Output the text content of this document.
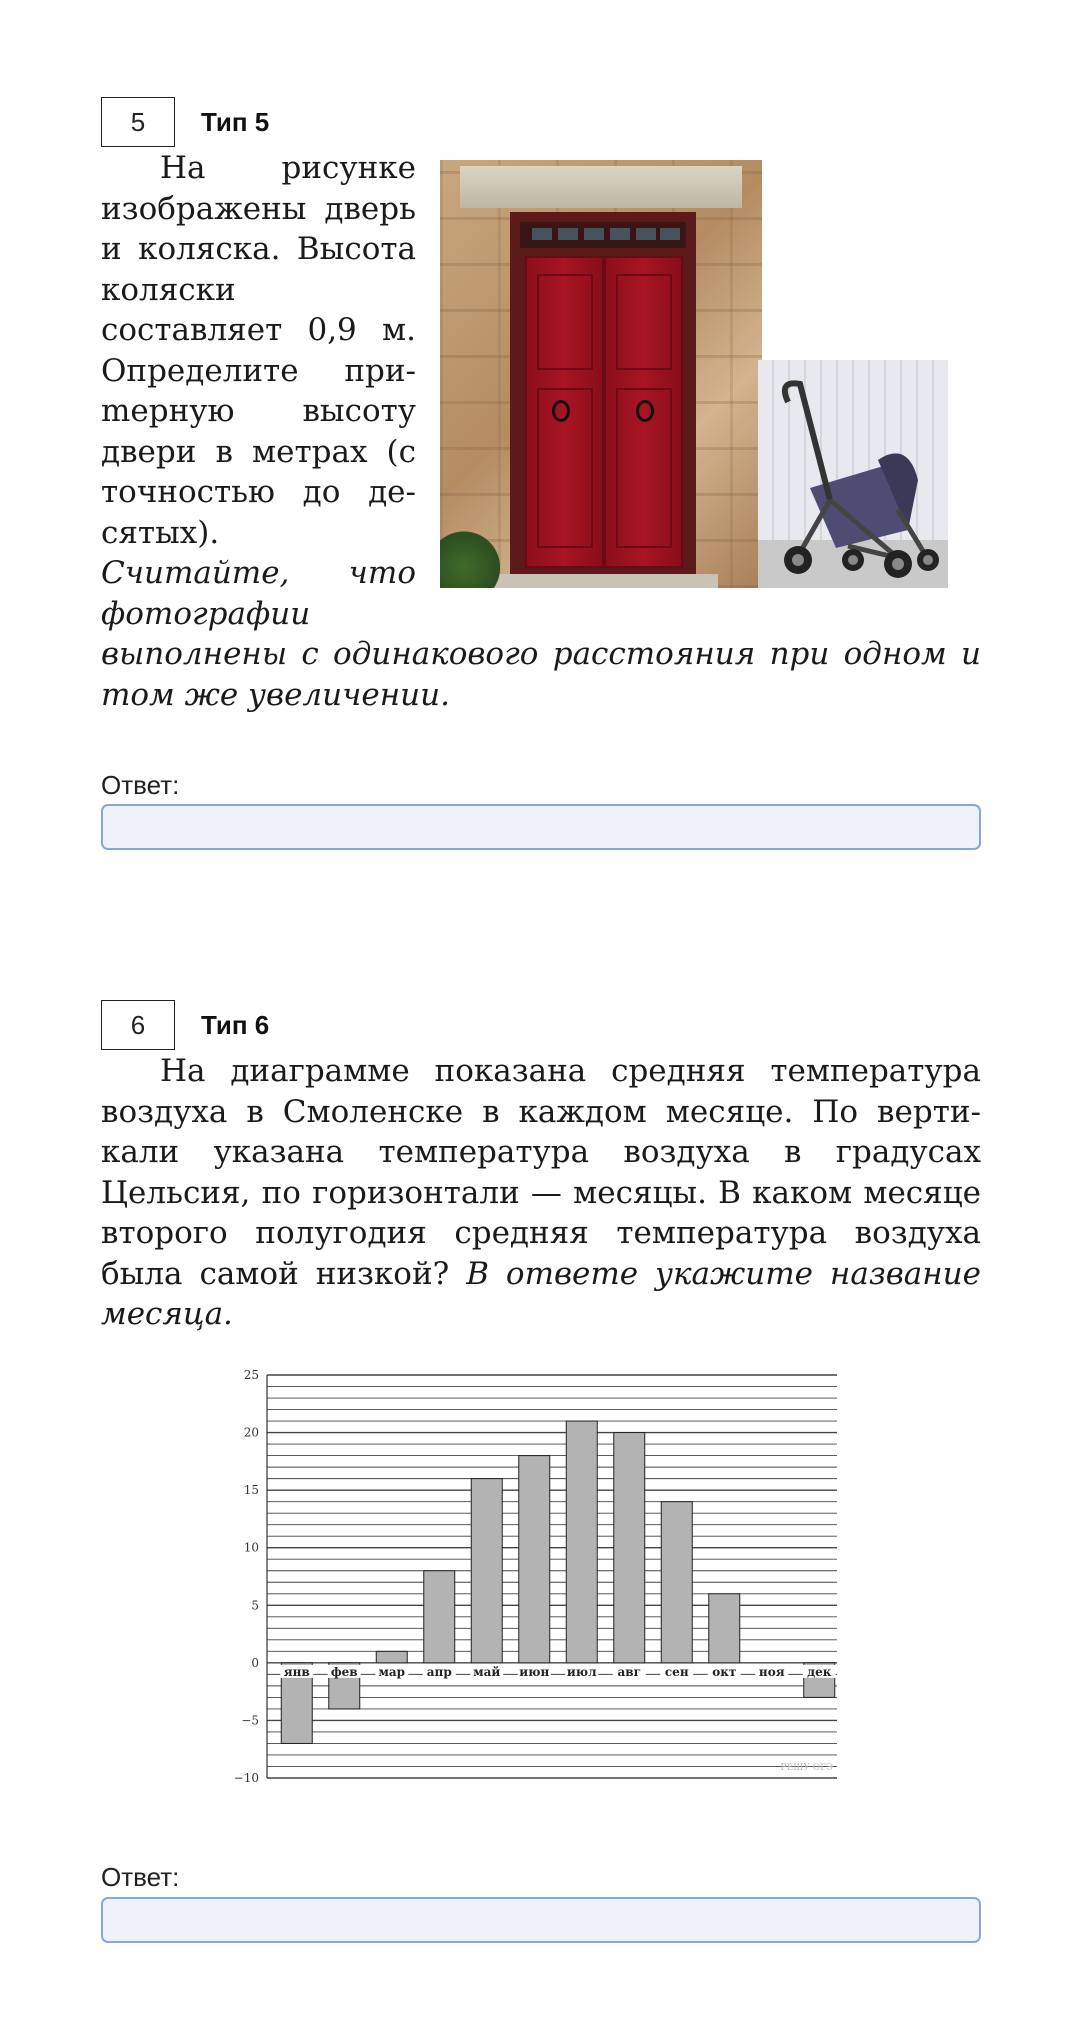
5	Тип 5

На рисунке изображены дверь и коляска. Высота коляски составляет 0,9 м. Определите приmерную высоту двери в метрах (с точностью до десятых). Считайте, что фотографии выполнены с одинакового расстояния при одном и том же увеличении.

Ответ:
6	Тип 6

На диаграмме показана средняя температура воздуха в Смоленске в каждом месяце. По вертикали указана температура воздуха в градусах Цельсия, по горизонтали — месяцы. В каком месяце второго полугодия средняя температура воздуха была самой низкой? В ответе укажите название месяца.

25
20
15
10
5
0
−5
−10
янв фев мар апр май июн июл авг сен окт ноя дек
РЕШУ ОГЭ
Ответ:
